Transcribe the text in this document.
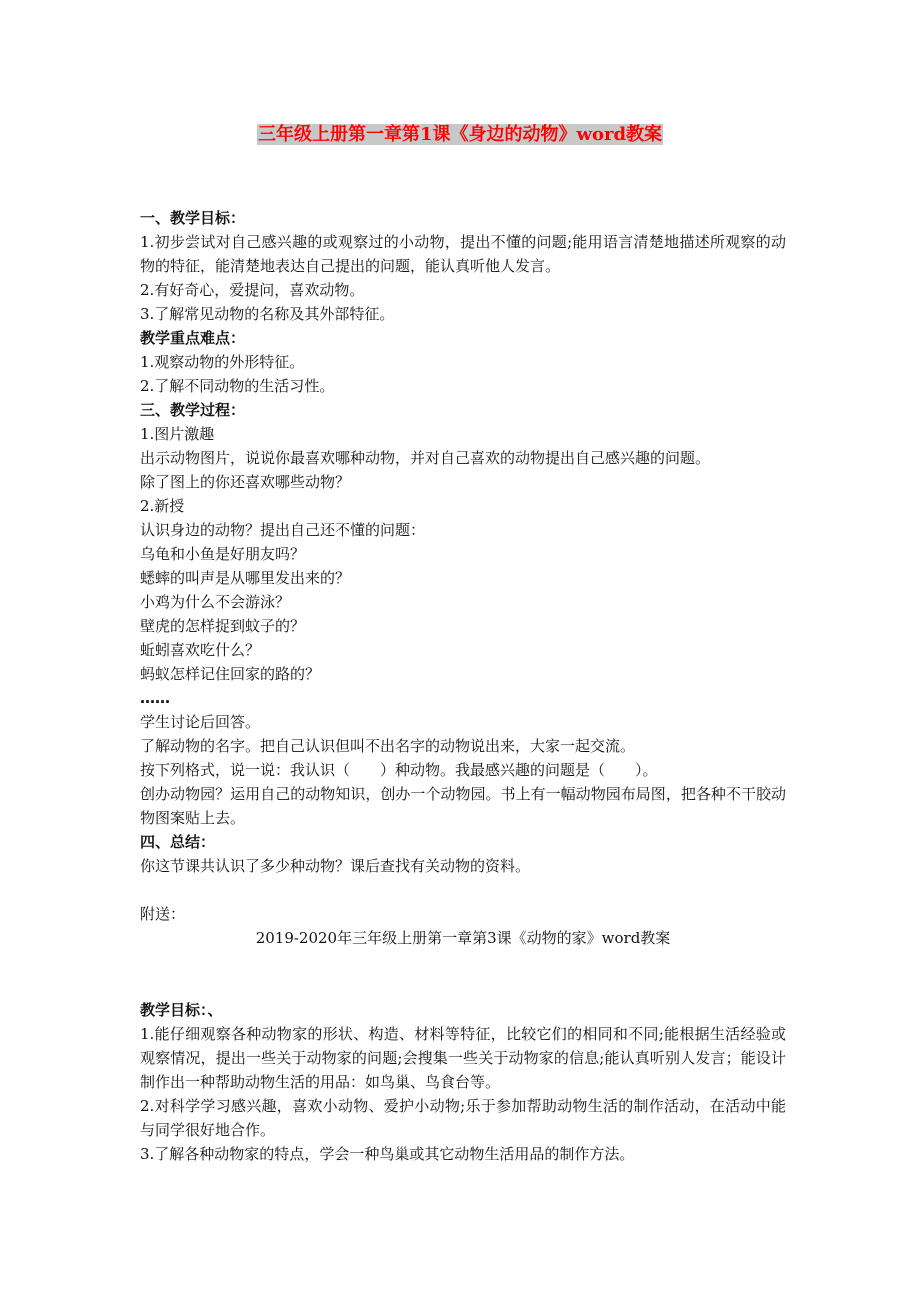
三年级上册第一章第1课《身边的动物》word教案

一、教学目标：

1.初步尝试对自己感兴趣的或观察过的小动物，提出不懂的问题;能用语言清楚地描述所观察的动物的特征，能清楚地表达自己提出的问题，能认真听他人发言。

2.有好奇心，爱提问，喜欢动物。

3.了解常见动物的名称及其外部特征。

教学重点难点：

1.观察动物的外形特征。

2.了解不同动物的生活习性。

三、教学过程：

1.图片激趣

出示动物图片，说说你最喜欢哪种动物，并对自己喜欢的动物提出自己感兴趣的问题。

除了图上的你还喜欢哪些动物？

2.新授

认识身边的动物？提出自己还不懂的问题：

乌龟和小鱼是好朋友吗？

蟋蟀的叫声是从哪里发出来的？

小鸡为什么不会游泳？

壁虎的怎样捉到蚊子的？

蚯蚓喜欢吃什么？

蚂蚁怎样记住回家的路的？

……

学生讨论后回答。

了解动物的名字。把自己认识但叫不出名字的动物说出来，大家一起交流。

按下列格式，说一说：我认识（　　）种动物。我最感兴趣的问题是（　　）。

创办动物园？运用自己的动物知识，创办一个动物园。书上有一幅动物园布局图，把各种不干胶动物图案贴上去。

四、总结：

你这节课共认识了多少种动物？课后查找有关动物的资料。

附送：

2019-2020年三年级上册第一章第3课《动物的家》word教案

教学目标：、

1.能仔细观察各种动物家的形状、构造、材料等特征，比较它们的相同和不同;能根据生活经验或观察情况，提出一些关于动物家的问题;会搜集一些关于动物家的信息;能认真听别人发言；能设计制作出一种帮助动物生活的用品：如鸟巢、鸟食台等。

2.对科学学习感兴趣，喜欢小动物、爱护小动物;乐于参加帮助动物生活的制作活动，在活动中能与同学很好地合作。

3.了解各种动物家的特点，学会一种鸟巢或其它动物生活用品的制作方法。
